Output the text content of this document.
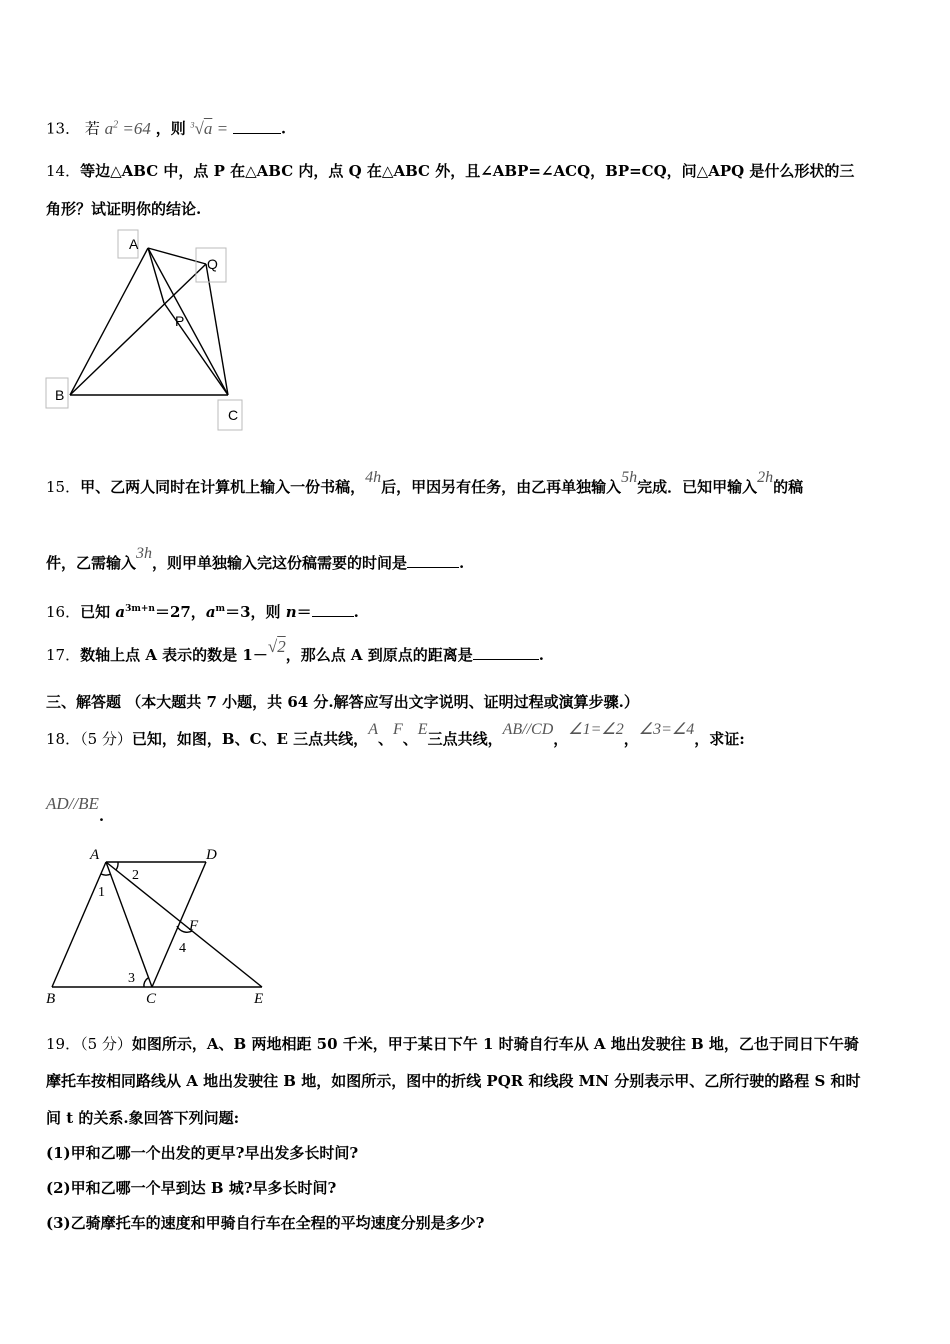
13． 若 $a^2 =64$ ，则 $^3$√a =	.
14．等边△ABC 中，点 P 在△ABC 内，点 Q 在△ABC 外，且∠ABP=∠ACQ，BP=CQ，问△APQ 是什么形状的三
角形？试证明你的结论.
A
Q
P
B
C
15．甲、乙两人同时在计算机上输入一份书稿，4h后，甲因另有任务，由乙再单独输入5h完成．已知甲输入2h的稿
件，乙需输入3h，则甲单独输入完这份稿需要的时间是	.
16．已知 $a^{3m+n}=27$，$a^m=3$，则 n＝	.
17．数轴上点 A 表示的数是 1－√2，那么点 A 到原点的距离是	.
三、解答题 （本大题共 7 小题，共 64 分.解答应写出文字说明、证明过程或演算步骤.）
18．（5 分）已知，如图，B、C、E 三点共线，A、F、E三点共线，AB//CD，∠1=∠2，∠3=∠4，求证:
AD//BE.
A	D
2
1
F
4
3
B	C	E
19．（5 分）如图所示，A、B 两地相距 50 千米，甲于某日下午 1 时骑自行车从 A 地出发驶往 B 地，乙也于同日下午骑
摩托车按相同路线从 A 地出发驶往 B 地，如图所示，图中的折线 PQR 和线段 MN 分别表示甲、乙所行驶的路程 S 和时
间 t 的关系.象回答下列问题:
(1)甲和乙哪一个出发的更早?早出发多长时间?
(2)甲和乙哪一个早到达 B 城?早多长时间?
(3)乙骑摩托车的速度和甲骑自行车在全程的平均速度分别是多少?
